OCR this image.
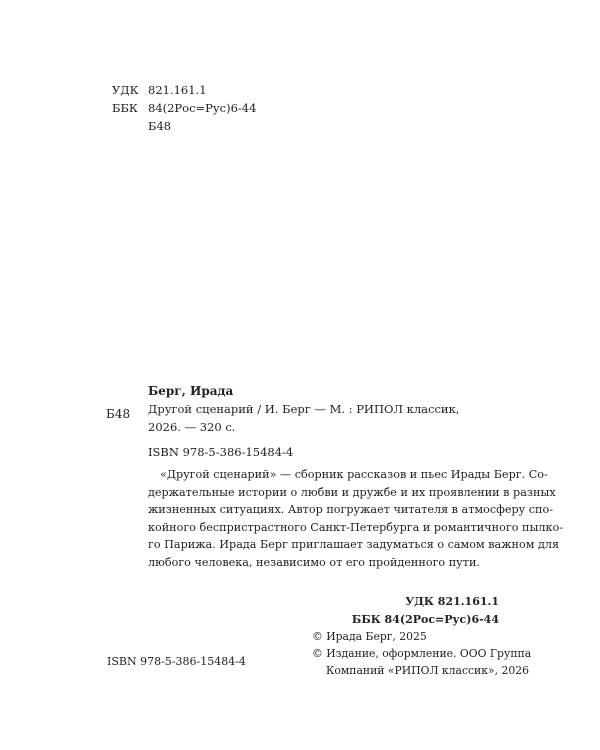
УДК 821.161.1
ББК 84(2Рос=Рус)6-44
Б48
Б48
Берг, Ирада
Другой сценарий / И. Берг — М. : РИПОЛ классик,
2026. — 320 с.
ISBN 978-5-386-15484-4
«Другой сценарий» — сборник рассказов и пьес Ирады Берг. Со-
держательные истории о любви и дружбе и их проявлении в разных
жизненных ситуациях. Автор погружает читателя в атмосферу спо-
койного беспристрастного Санкт-Петербурга и романтичного пылко-
го Парижа. Ирада Берг приглашает задуматься о самом важном для
любого человека, независимо от его пройденного пути.
УДК 821.161.1
ББК 84(2Рос=Рус)6-44
© Ирада Берг, 2025
© Издание, оформление. ООО Группа
Компаний «РИПОЛ классик», 2026
ISBN 978-5-386-15484-4
